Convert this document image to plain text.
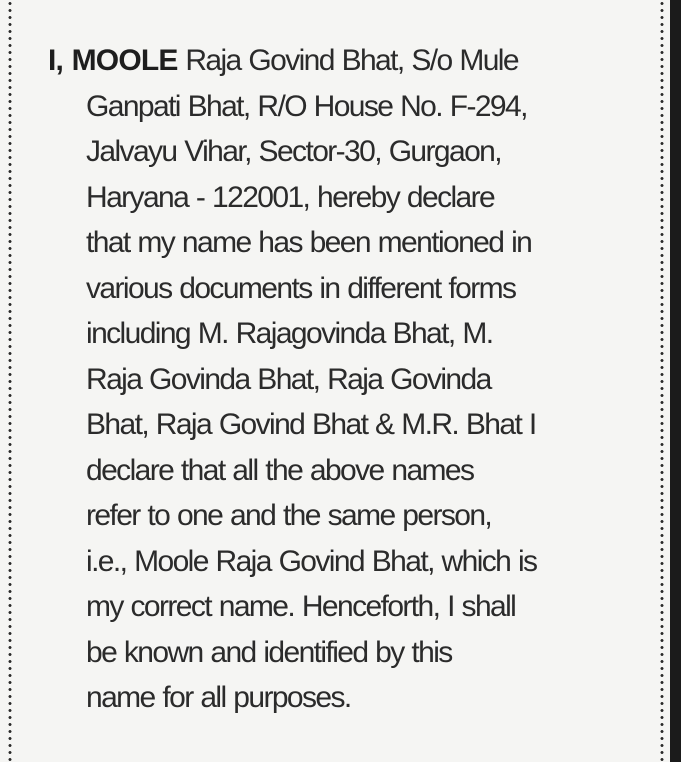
I, MOOLE Raja Govind Bhat, S/o Mule
Ganpati Bhat, R/O House No. F-294,
Jalvayu Vihar, Sector-30, Gurgaon,
Haryana - 122001, hereby declare
that my name has been mentioned in
various documents in different forms
including M. Rajagovinda Bhat, M.
Raja Govinda Bhat, Raja Govinda
Bhat, Raja Govind Bhat & M.R. Bhat I
declare that all the above names
refer to one and the same person,
i.e., Moole Raja Govind Bhat, which is
my correct name. Henceforth, I shall
be known and identified by this
name for all purposes.
